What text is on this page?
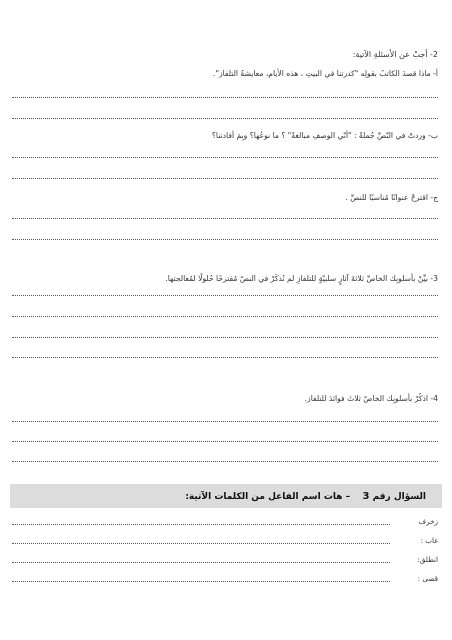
2- أجبْ عن الأسئلةِ الآتية:
أ- ماذا قصدَ الكاتبُ بقولِه "كدرتنا في البيتِ ، هذه الأيام، معايشةُ التلفاز".
ب- وردتْ في النّصِّ جُملةٌ : "أنّي الوصفِ مبالغةٌ" ؟ ما نوعُها؟ وبِمَ أفادتنا؟
ج- اقترحْ عنوانًا مُناسبًا للنصِّ .
3- بيِّنْ بأسلوبِك الخاصِّ ثلاثةَ آثارٍ سلبيّةٍ للتلفازِ لم تُذكَرْ في النصّ مُقترحًا حُلولًا لمُعالجتها.
4- اذكُرْ بأسلوبِك الخاصّ ثلاثَ فوائدَ للتلفاز.
السؤال رقم 3  – هات اسم الفاعل من الكلمات الآتية:
زخرف
غاب :
انطلق:
قضى :
